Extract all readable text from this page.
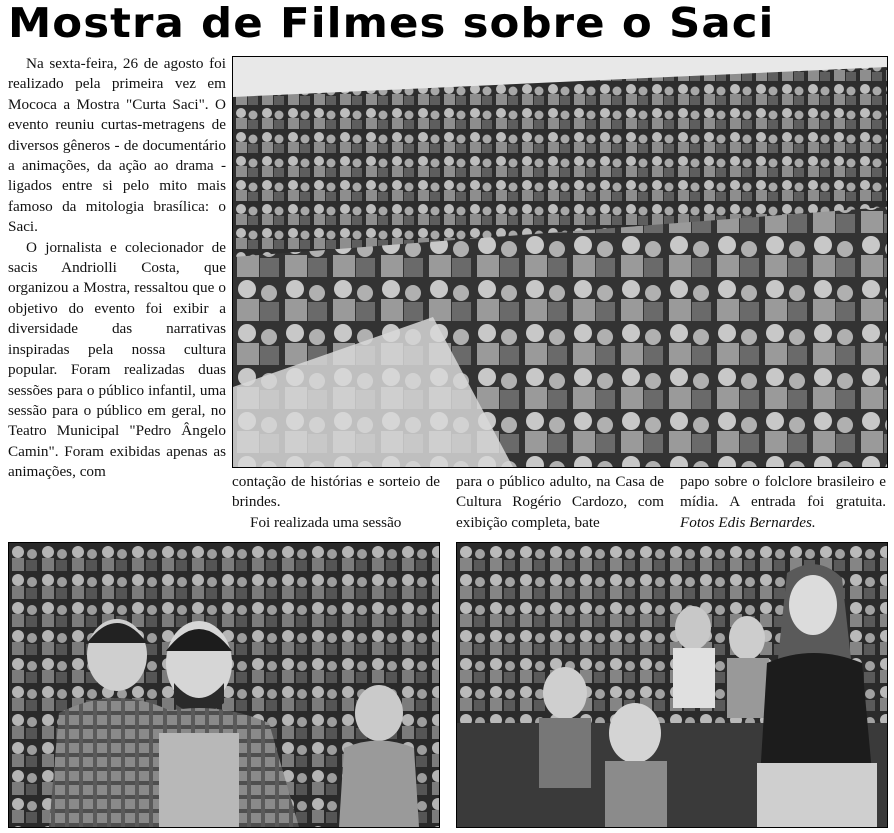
Mostra de Filmes sobre o Saci

Na sexta-feira, 26 de agosto foi realizado pela primeira vez em Mococa a Mostra "Curta Saci". O evento reuniu curtas-metragens de diversos gêneros - de documentário a animações, da ação ao drama - ligados entre si pelo mito mais famoso da mitologia brasílica: o Saci.

O jornalista e colecionador de sacis Andriolli Costa, que organizou a Mostra, ressaltou que o objetivo do evento foi exibir a diversidade das narrativas inspiradas pela nossa cultura popular. Foram realizadas duas sessões para o público infantil, uma sessão para o público em geral, no Teatro Municipal "Pedro Ângelo Camin". Foram exibidas apenas as animações, com

contação de histórias e sorteio de brindes.

Foi realizada uma sessão

para o público adulto, na Casa de Cultura Rogério Cardozo, com exibição completa, bate

papo sobre o folclore brasileiro e mídia. A entrada foi gratuita. Fotos Edis Bernardes.
